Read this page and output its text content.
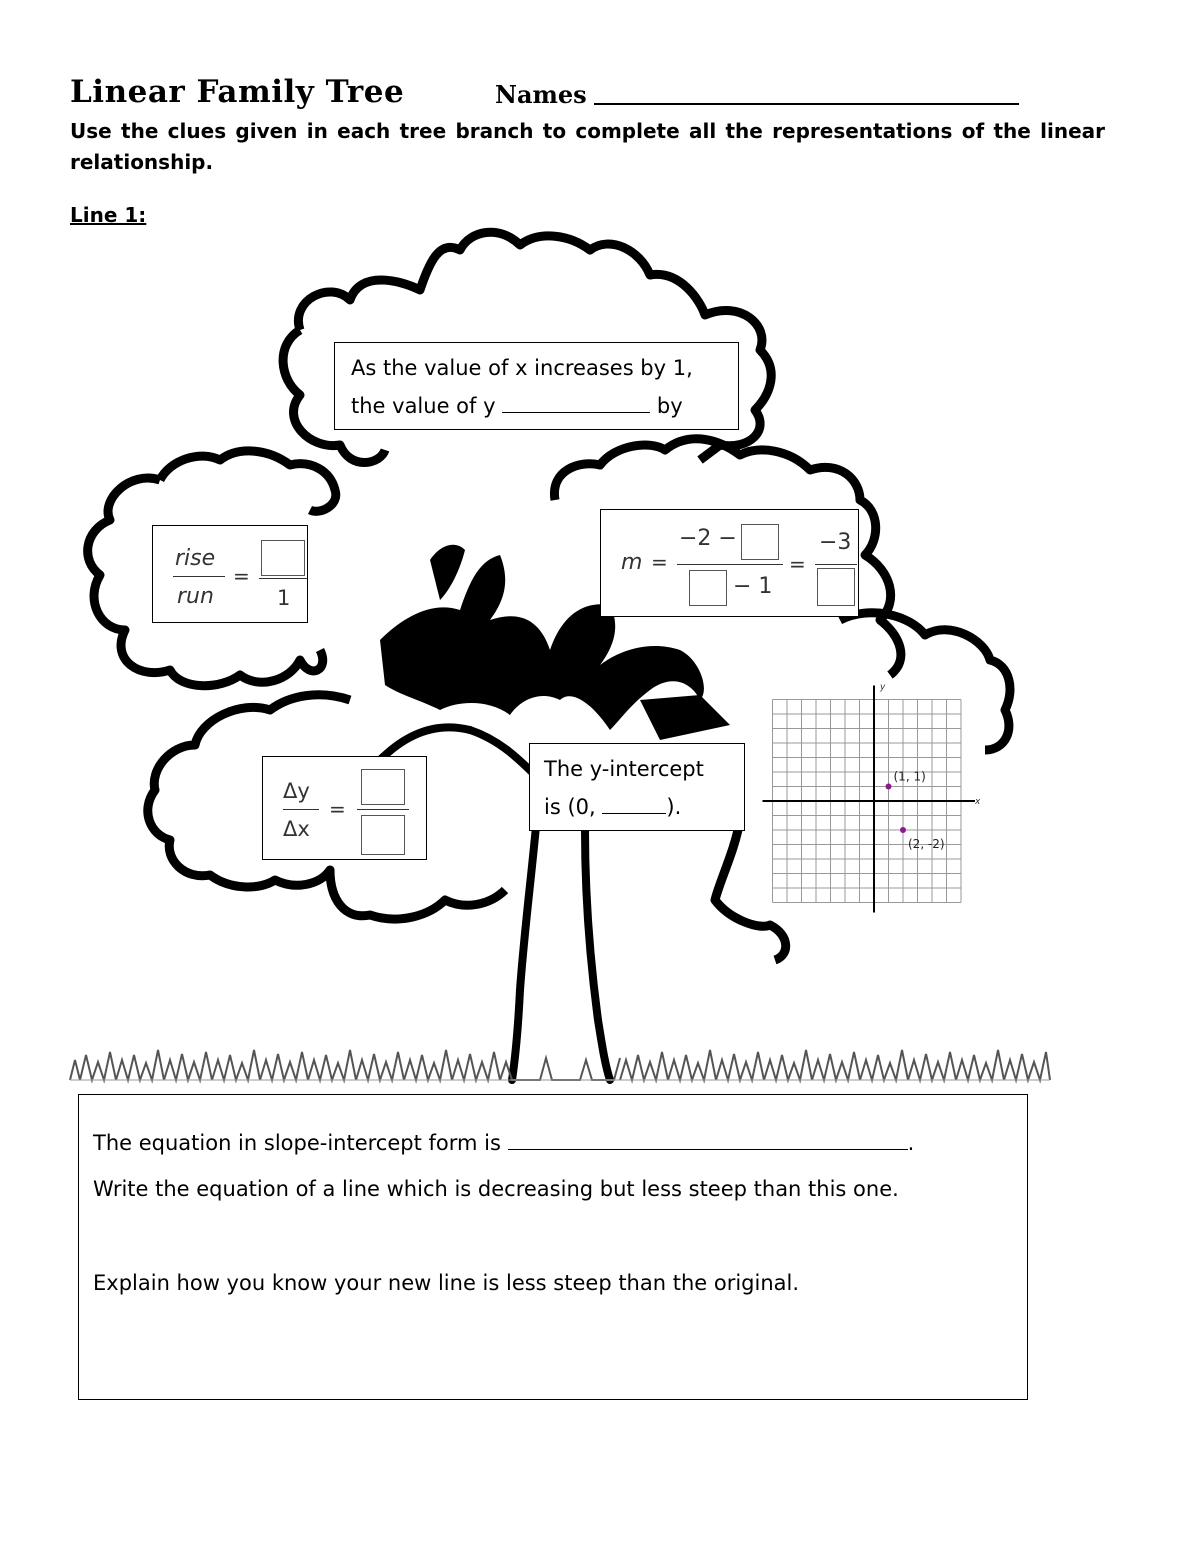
Linear Family Tree	Names
Use the clues given in each tree branch to complete all the representations of the linear relationship.
Line 1:
As the value of x increases by 1,
the value of y	by
rise
run
=
1
m =
−2 −
− 1
=
−3
Δy
Δx
=
The y-intercept
is (0,	).
y
x
(1, 1)
(2, -2)
The equation in slope-intercept form is	.
Write the equation of a line which is decreasing but less steep than this one.
Explain how you know your new line is less steep than the original.
